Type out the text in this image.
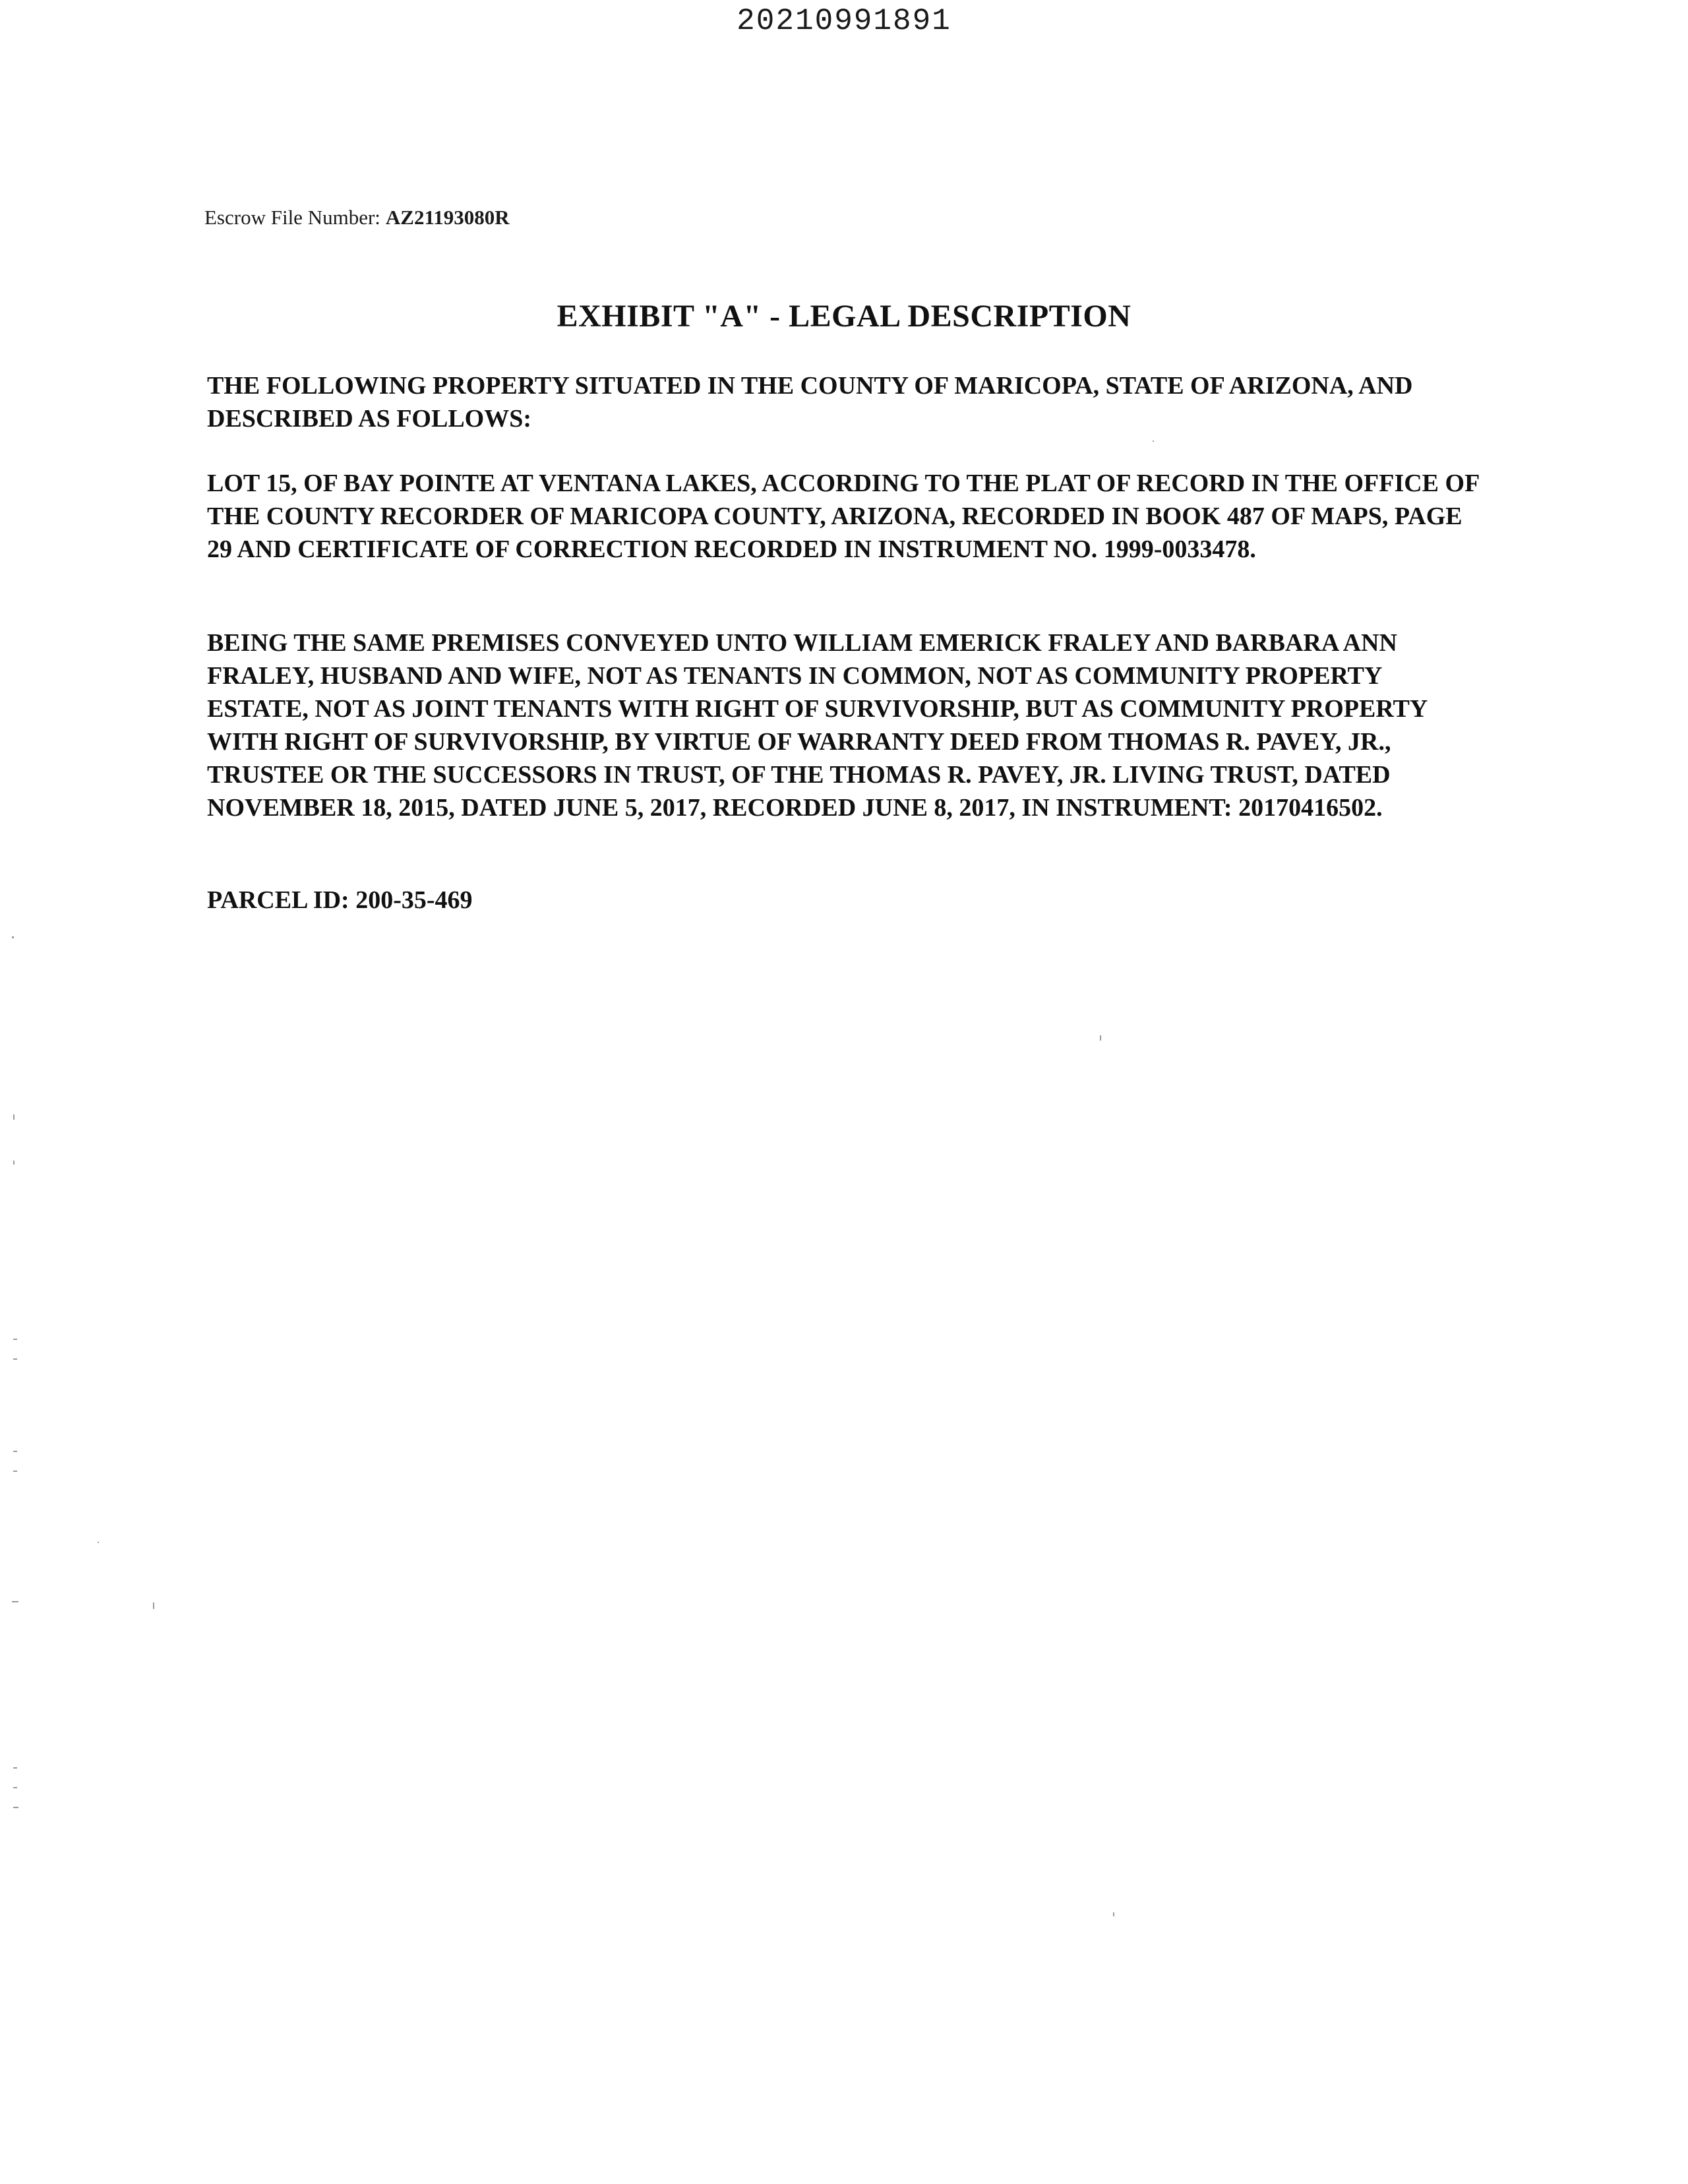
20210991891
Escrow File Number: AZ21193080R
EXHIBIT "A" - LEGAL DESCRIPTION

THE FOLLOWING PROPERTY SITUATED IN THE COUNTY OF MARICOPA, STATE OF ARIZONA, AND DESCRIBED AS FOLLOWS:

LOT 15, OF BAY POINTE AT VENTANA LAKES, ACCORDING TO THE PLAT OF RECORD IN THE OFFICE OF THE COUNTY RECORDER OF MARICOPA COUNTY, ARIZONA, RECORDED IN BOOK 487 OF MAPS, PAGE 29 AND CERTIFICATE OF CORRECTION RECORDED IN INSTRUMENT NO. 1999-0033478.

BEING THE SAME PREMISES CONVEYED UNTO WILLIAM EMERICK FRALEY AND BARBARA ANN FRALEY, HUSBAND AND WIFE, NOT AS TENANTS IN COMMON, NOT AS COMMUNITY PROPERTY ESTATE, NOT AS JOINT TENANTS WITH RIGHT OF SURVIVORSHIP, BUT AS COMMUNITY PROPERTY WITH RIGHT OF SURVIVORSHIP, BY VIRTUE OF WARRANTY DEED FROM THOMAS R. PAVEY, JR., TRUSTEE OR THE SUCCESSORS IN TRUST, OF THE THOMAS R. PAVEY, JR. LIVING TRUST, DATED NOVEMBER 18, 2015, DATED JUNE 5, 2017, RECORDED JUNE 8, 2017, IN INSTRUMENT: 20170416502.

PARCEL ID: 200-35-469
